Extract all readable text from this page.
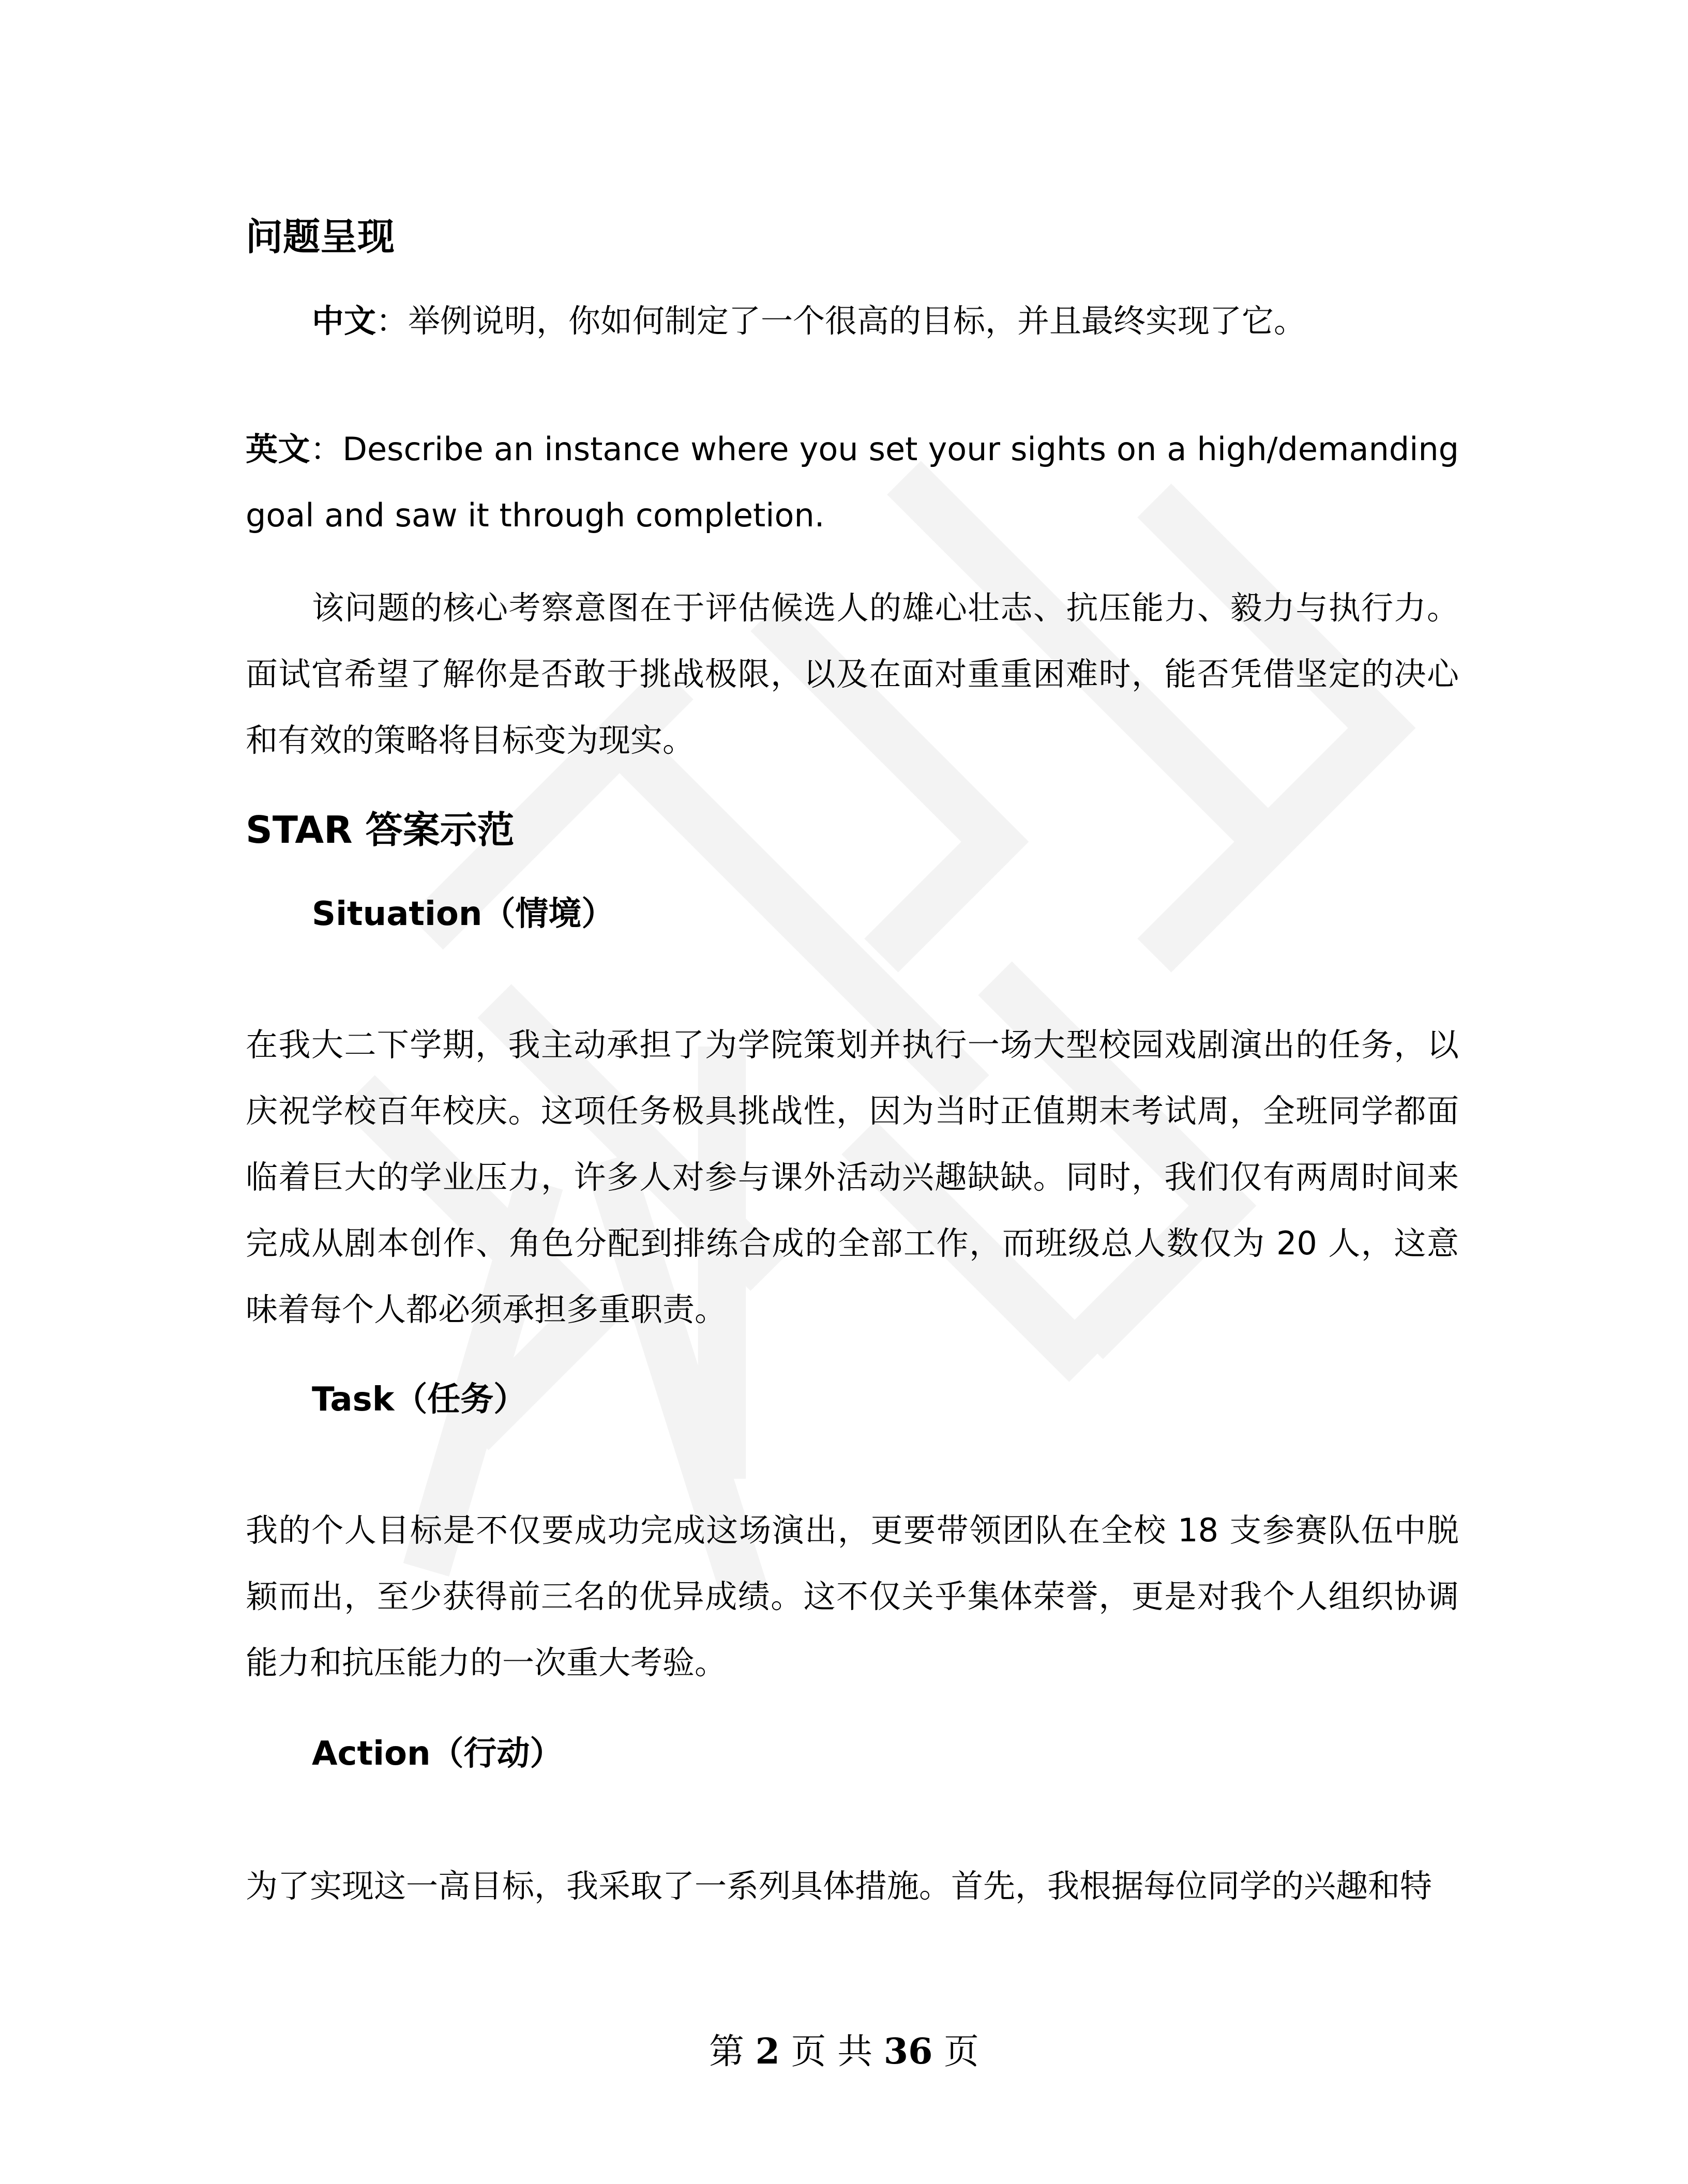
问题呈现
中文：举例说明，你如何制定了一个很高的目标，并且最终实现了它。
英文：Describe an instance where you set your sights on a high/demanding goal and saw it through completion.
该问题的核心考察意图在于评估候选人的雄心壮志、抗压能力、毅力与执行力。面试官希望了解你是否敢于挑战极限，以及在面对重重困难时，能否凭借坚定的决心和有效的策略将目标变为现实。
STAR 答案示范
Situation（情境）
在我大二下学期，我主动承担了为学院策划并执行一场大型校园戏剧演出的任务，以庆祝学校百年校庆。这项任务极具挑战性，因为当时正值期末考试周，全班同学都面临着巨大的学业压力，许多人对参与课外活动兴趣缺缺。同时，我们仅有两周时间来完成从剧本创作、角色分配到排练合成的全部工作，而班级总人数仅为 20 人，这意味着每个人都必须承担多重职责。
Task（任务）
我的个人目标是不仅要成功完成这场演出，更要带领团队在全校 18 支参赛队伍中脱颖而出，至少获得前三名的优异成绩。这不仅关乎集体荣誉，更是对我个人组织协调能力和抗压能力的一次重大考验。
Action（行动）
为了实现这一高目标，我采取了一系列具体措施。首先，我根据每位同学的兴趣和特
第 2 页 共 36 页
